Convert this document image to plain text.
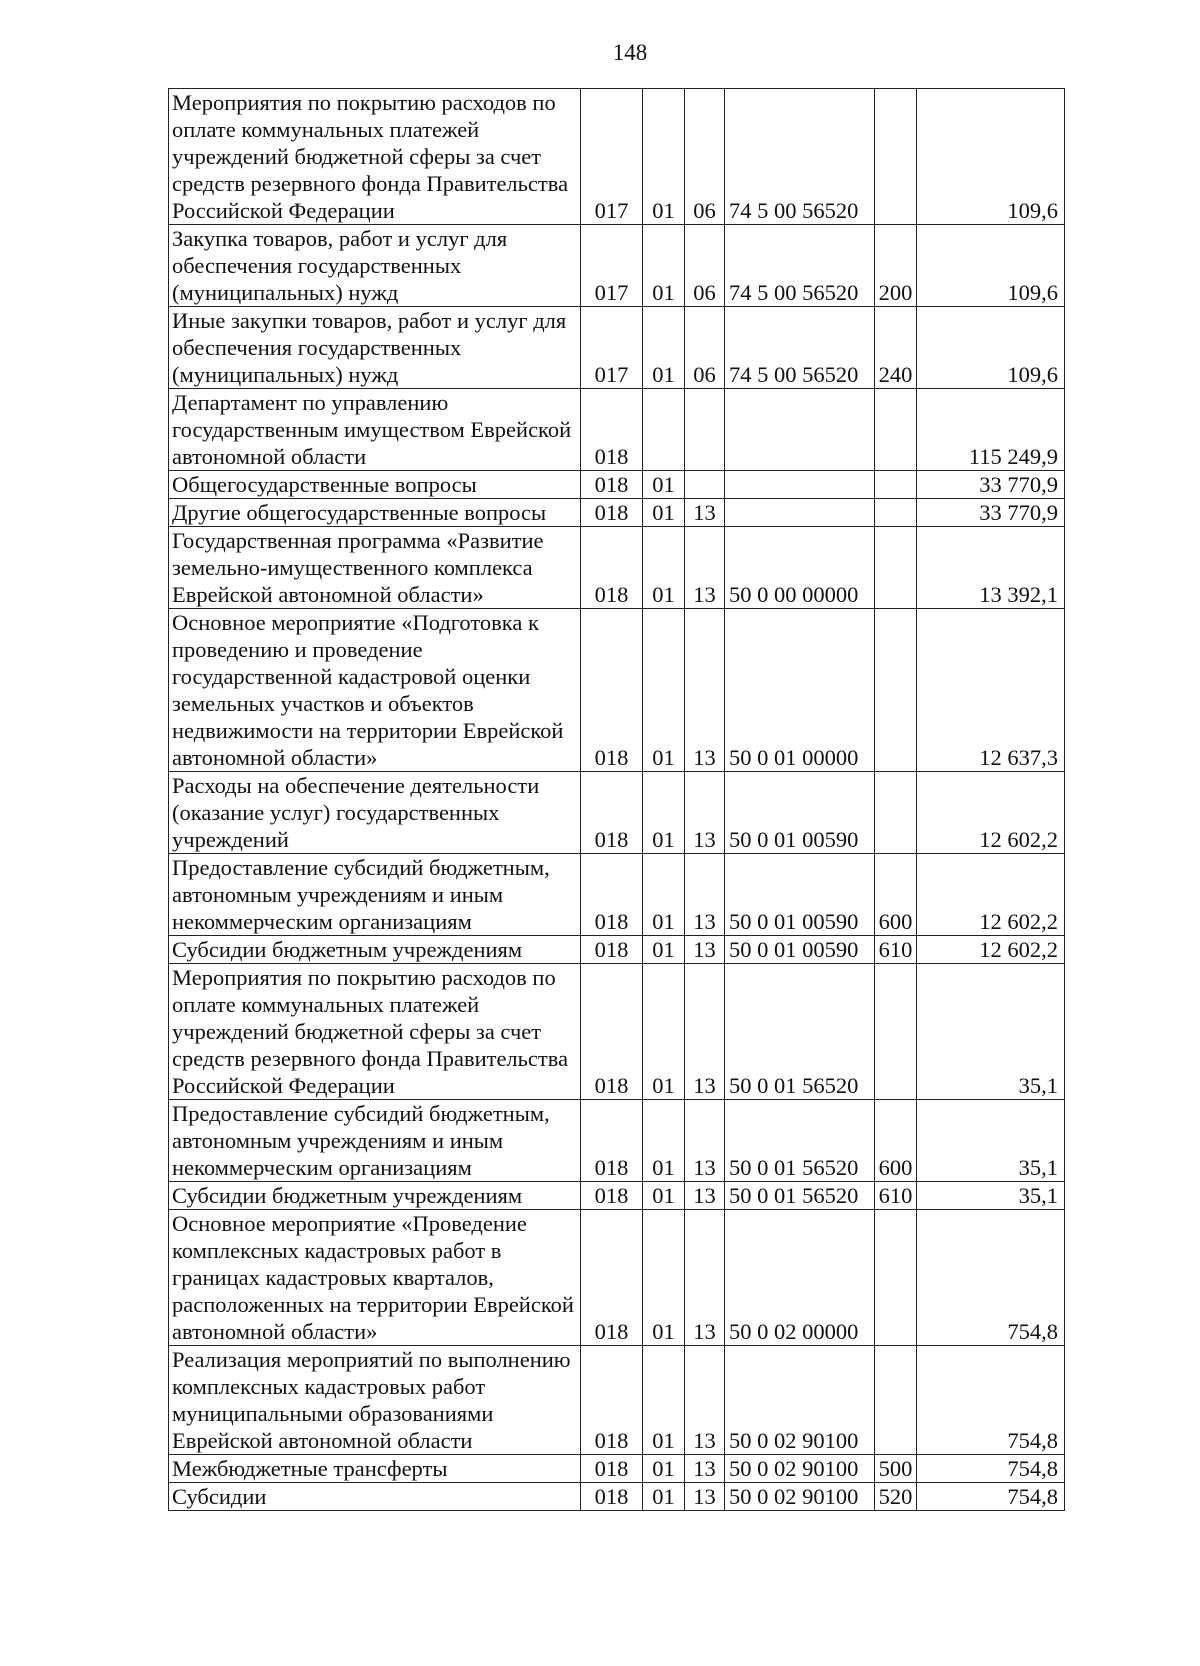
148
Мероприятия по покрытию расходов по оплате коммунальных платежей учреждений бюджетной сферы за счет средств резервного фонда Правительства Российской Федерации	017	01	06	74 5 00 56520		109,6
Закупка товаров, работ и услуг для обеспечения государственных (муниципальных) нужд	017	01	06	74 5 00 56520	200	109,6
Иные закупки товаров, работ и услуг для обеспечения государственных (муниципальных) нужд	017	01	06	74 5 00 56520	240	109,6
Департамент по управлению государственным имуществом Еврейской автономной области	018					115 249,9
Общегосударственные вопросы	018	01				33 770,9
Другие общегосударственные вопросы	018	01	13			33 770,9
Государственная программа «Развитие земельно-имущественного комплекса Еврейской автономной области»	018	01	13	50 0 00 00000		13 392,1
Основное мероприятие «Подготовка к проведению и проведение государственной кадастровой оценки земельных участков и объектов недвижимости на территории Еврейской автономной области»	018	01	13	50 0 01 00000		12 637,3
Расходы на обеспечение деятельности (оказание услуг) государственных учреждений	018	01	13	50 0 01 00590		12 602,2
Предоставление субсидий бюджетным, автономным учреждениям и иным некоммерческим организациям	018	01	13	50 0 01 00590	600	12 602,2
Субсидии бюджетным учреждениям	018	01	13	50 0 01 00590	610	12 602,2
Мероприятия по покрытию расходов по оплате коммунальных платежей учреждений бюджетной сферы за счет средств резервного фонда Правительства Российской Федерации	018	01	13	50 0 01 56520		35,1
Предоставление субсидий бюджетным, автономным учреждениям и иным некоммерческим организациям	018	01	13	50 0 01 56520	600	35,1
Субсидии бюджетным учреждениям	018	01	13	50 0 01 56520	610	35,1
Основное мероприятие «Проведение комплексных кадастровых работ в границах кадастровых кварталов, расположенных на территории Еврейской автономной области»	018	01	13	50 0 02 00000		754,8
Реализация мероприятий по выполнению комплексных кадастровых работ муниципальными образованиями Еврейской автономной области	018	01	13	50 0 02 90100		754,8
Межбюджетные трансферты	018	01	13	50 0 02 90100	500	754,8
Субсидии	018	01	13	50 0 02 90100	520	754,8
